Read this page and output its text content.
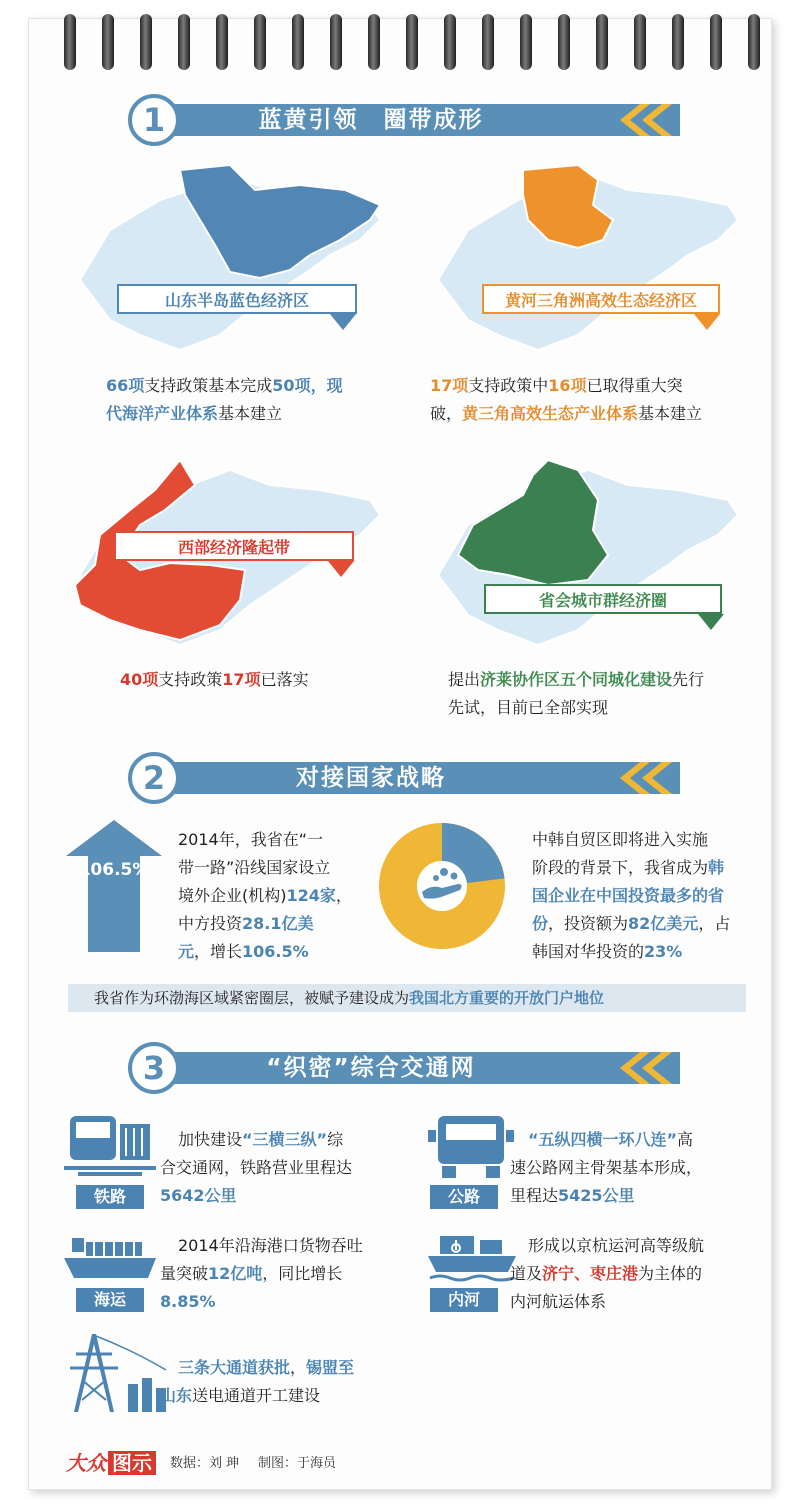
蓝黄引领　圈带成形
1
山东半岛蓝色经济区
66项支持政策基本完成50项，现
代海洋产业体系基本建立
黄河三角洲高效生态经济区
17项支持政策中16项已取得重大突
破，黄三角高效生态产业体系基本建立
西部经济隆起带
40项支持政策17项已落实
省会城市群经济圈
提出济莱协作区五个同城化建设先行
先试，目前已全部实现
对接国家战略
2
106.5%
2014年，我省在“一
带一路”沿线国家设立
境外企业(机构)124家，
中方投资28.1亿美
元，增长106.5%
中韩自贸区即将进入实施
阶段的背景下，我省成为韩
国企业在中国投资最多的省
份，投资额为82亿美元，占
韩国对华投资的23%
我省作为环渤海区域紧密圈层，被赋予建设成为我国北方重要的开放门户地位
“织密”综合交通网
3
铁路
加快建设“三横三纵”综
合交通网，铁路营业里程达
5642公里	公路
“五纵四横一环八连”高
速公路网主骨架基本形成，
里程达5425公里
海运
2014年沿海港口货物吞吐
量突破12亿吨，同比增长
8.85%	内河
形成以京杭运河高等级航
道及济宁、枣庄港为主体的
内河航运体系
三条大通道获批，锡盟至
山东送电通道开工建设
大众 图示	数据：刘 珅 制图：于海员
